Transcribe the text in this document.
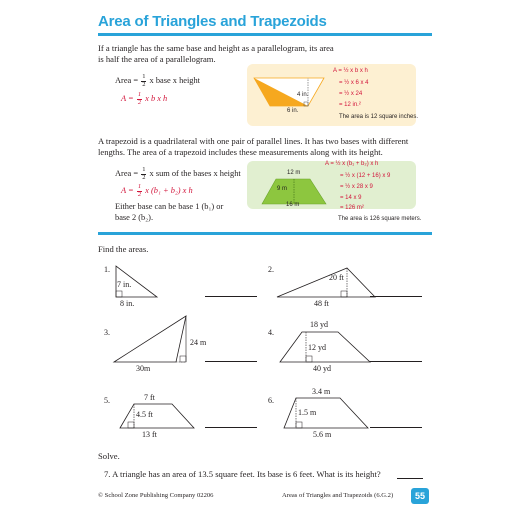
Area of Triangles and Trapezoids
If a triangle has the same base and height as a parallelogram, its area
is half the area of a parallelogram.
Area = $\frac{1}{2}$ x base x height
$A = \frac{1}{2}$ x b x h	4 in.
6 in.
A = ½ x b x h
= ½ x 6 x 4
= ½ x 24
= 12 in.²
The area is 12 square inches.
A trapezoid is a quadrilateral with one pair of parallel lines. It has two bases with different
lengths. The area of a trapezoid includes these measurements along with its height.
Area = $\frac{1}{2}$ x sum of the bases x height
$A = \frac{1}{2}$ x (b₁ + b₂) x h
Either base can be base 1 (b₁) or
base 2 (b₂).
12 m
9 m
16 m
A = ½ x (b₁ + b₂) x h
= ½ x (12 + 16) x 9
= ½ x 28 x 9
= 14 x 9
= 126 m²
The area is 126 square meters.
Find the areas.
1.
7 in.
8 in.
2.
20 ft
48 ft
3.
24 m
30m
4.
18 yd
12 yd
40 yd
5.	7 ft
4.5 ft
13 ft
6.
3.4 m
1.5 m
5.6 m
Solve.
7. A triangle has an area of 13.5 square feet. Its base is 6 feet. What is its height?
© School Zone Publishing Company 02206	Areas of Triangles and Trapezoids (6.G.2)	55
